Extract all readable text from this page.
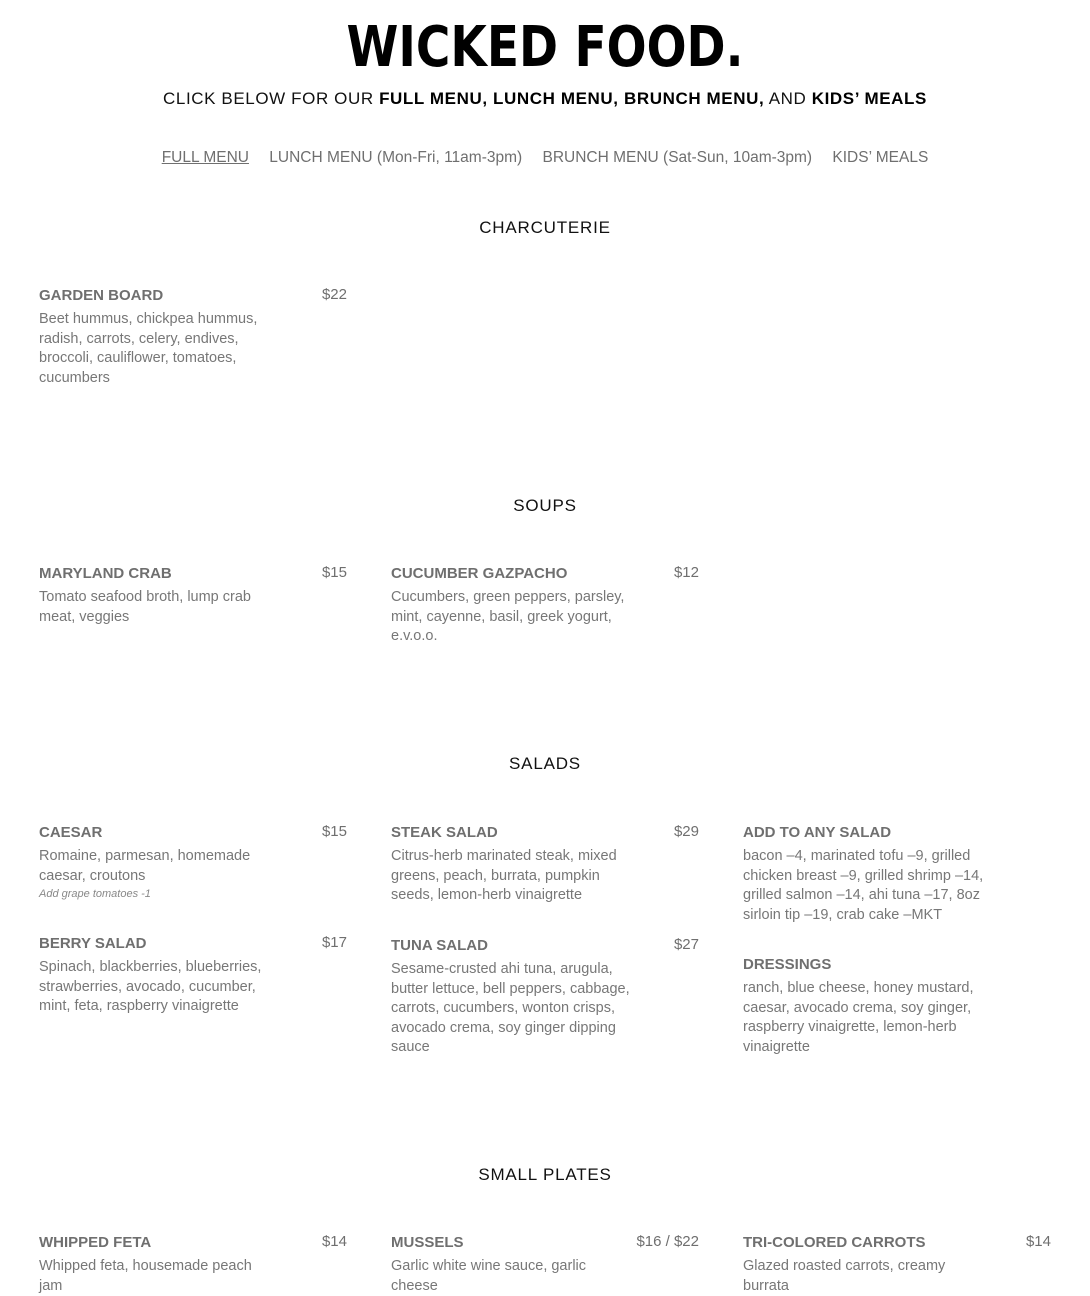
WICKED FOOD.
CLICK BELOW FOR OUR FULL MENU, LUNCH MENU, BRUNCH MENU, AND KIDS’ MEALS
FULL MENU LUNCH MENU (Mon-Fri, 11am-3pm) BRUNCH MENU (Sat-Sun, 10am-3pm) KIDS’ MEALS
CHARCUTERIE
GARDEN BOARD	$22
Beet hummus, chickpea hummus, radish, carrots, celery, endives, broccoli, cauliflower, tomatoes, cucumbers
SOUPS
MARYLAND CRAB	$15
Tomato seafood broth, lump crab meat, veggies
CUCUMBER GAZPACHO	$12
Cucumbers, green peppers, parsley, mint, cayenne, basil, greek yogurt, e.v.o.o.
SALADS
CAESAR	$15
Romaine, parmesan, homemade caesar, croutons
Add grape tomatoes -1
STEAK SALAD	$29
Citrus-herb marinated steak, mixed greens, peach, burrata, pumpkin seeds, lemon-herb vinaigrette
ADD TO ANY SALAD
bacon –4, marinated tofu –9, grilled chicken breast –9, grilled shrimp –14, grilled salmon –14, ahi tuna –17, 8oz sirloin tip –19, crab cake –MKT
BERRY SALAD	$17
Spinach, blackberries, blueberries, strawberries, avocado, cucumber, mint, feta, raspberry vinaigrette
TUNA SALAD	$27
Sesame-crusted ahi tuna, arugula, butter lettuce, bell peppers, cabbage, carrots, cucumbers, wonton crisps, avocado crema, soy ginger dipping sauce
DRESSINGS
ranch, blue cheese, honey mustard, caesar, avocado crema, soy ginger, raspberry vinaigrette, lemon-herb vinaigrette
SMALL PLATES
WHIPPED FETA	$14
Whipped feta, housemade peach jam
MUSSELS	$16 / $22
Garlic white wine sauce, garlic cheese
TRI-COLORED CARROTS	$14
Glazed roasted carrots, creamy burrata
